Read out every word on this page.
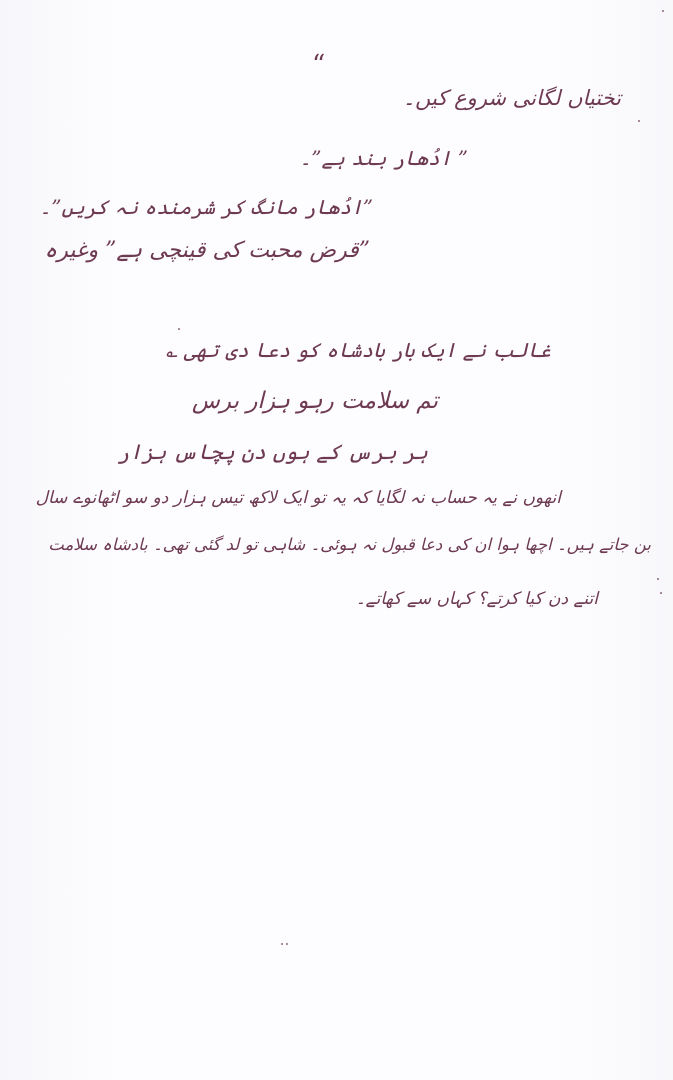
“
تختیاں لگانی شروع کیں۔
” ادُھار بند ہے”۔
”ادُھار مانگ کر شرمندہ نہ کریں”۔
”قرض محبت کی قینچی ہے” وغیرہ
غالب نے ایک بار بادشاہ کو دعا دی تھی ؎
تم سلامت رہو ہزار برس
ہر برس کے ہوں دن پچاس ہزار
انھوں نے یہ حساب نہ لگایا کہ یہ تو ایک لاکھ تیس ہزار دو سو اٹھانوے سال
بن جاتے ہیں۔ اچھا ہوا ان کی دعا قبول نہ ہوئی۔ شاہی تو لد گئی تھی۔ بادشاہ سلامت
اتنے دن کیا کرتے؟ کہاں سے کھاتے۔
